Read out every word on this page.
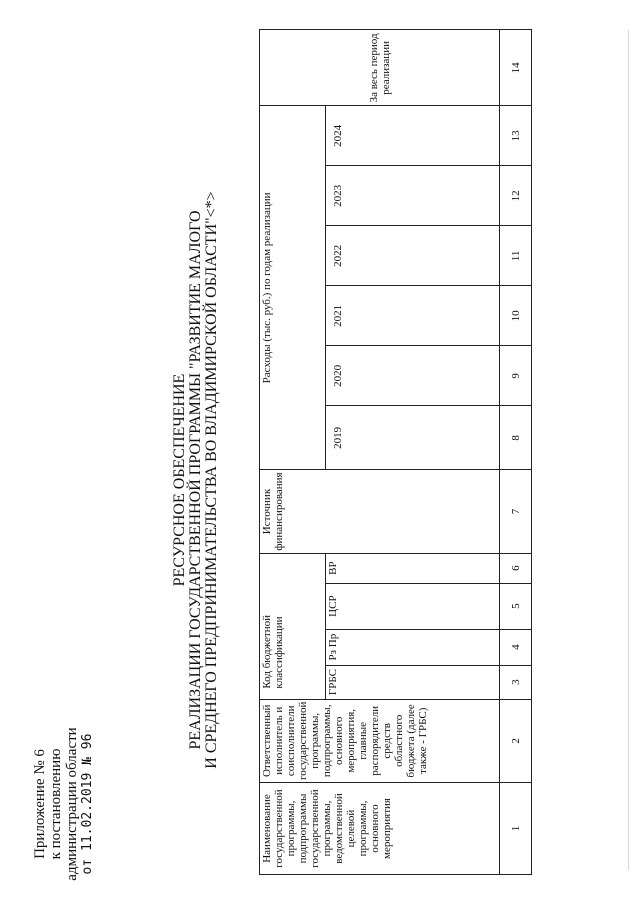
Приложение № 6 к постановлению администрации области от 11.02.2019 № 96
РЕСУРСНОЕ ОБЕСПЕЧЕНИЕ РЕАЛИЗАЦИИ ГОСУДАРСТВЕННОЙ ПРОГРАММЫ "РАЗВИТИЕ МАЛОГО И СРЕДНЕГО ПРЕДПРИНИМАТЕЛЬСТВА ВО ВЛАДИМИРСКОЙ ОБЛАСТИ"<*>
Наименование государственной программы, подпрограммы государственной программы, ведомственной целевой программы, основного мероприятия	Ответственный исполнитель и соисполнители государственной программы, подпрограммы, основного мероприятия, главные распорядители средств областного бюджета (далее также - ГРБС)	Код бюджетной классификации				Источник финансирования	Расходы (тыс. руб.) по годам реализации						За весь период реализации
		ГРБС	Рз Пр	ЦСР	ВР		2019	2020	2021	2022	2023	2024	
1	2	3	4	5	6	7	8	9	10	11	12	13	14
